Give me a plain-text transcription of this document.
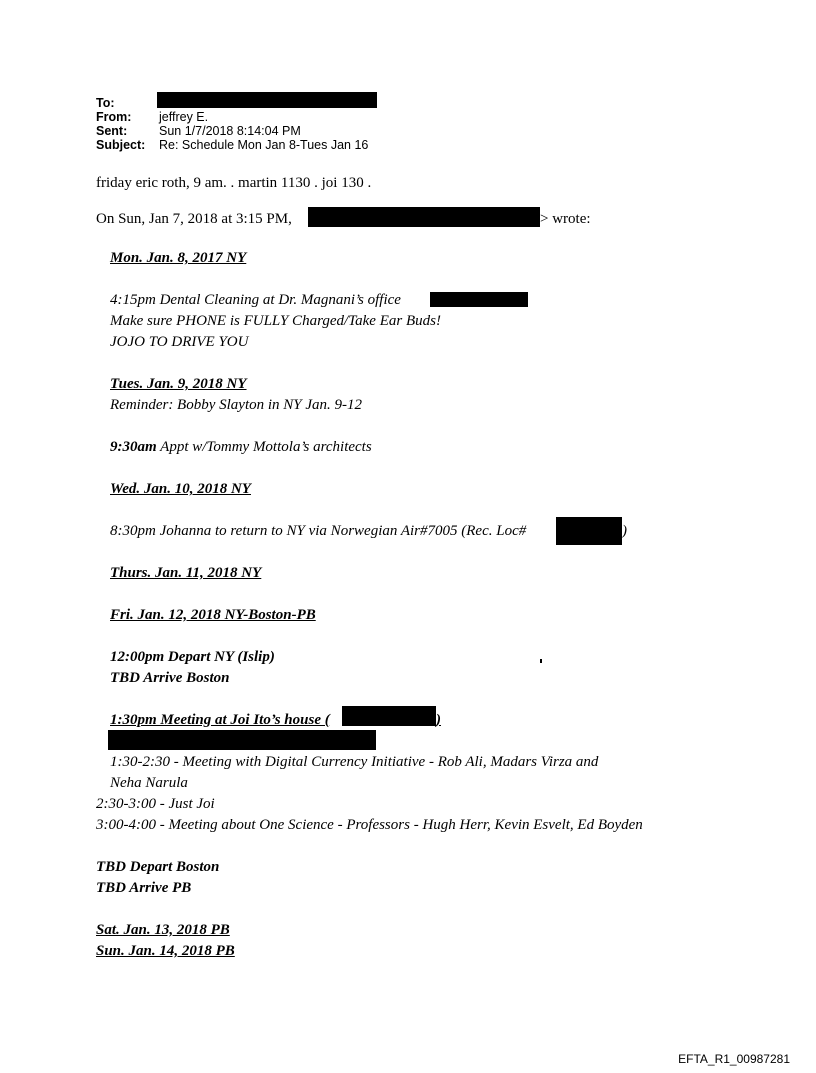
To:
From:	jeffrey E.
Sent:	Sun 1/7/2018 8:14:04 PM
Subject:	Re: Schedule Mon Jan 8-Tues Jan 16
friday eric roth, 9 am. . martin 1130 . joi 130 .
On Sun, Jan 7, 2018 at 3:15 PM,	> wrote:
Mon. Jan. 8, 2017 NY
4:15pm Dental Cleaning at Dr. Magnani’s office
Make sure PHONE is FULLY Charged/Take Ear Buds!
JOJO TO DRIVE YOU
Tues. Jan. 9, 2018 NY
Reminder: Bobby Slayton in NY Jan. 9-12
9:30am Appt w/Tommy Mottola’s architects
Wed. Jan. 10, 2018 NY
8:30pm Johanna to return to NY via Norwegian Air#7005 (Rec. Loc#	)
Thurs. Jan. 11, 2018 NY
Fri. Jan. 12, 2018 NY-Boston-PB
12:00pm Depart NY (Islip)
TBD Arrive Boston
1:30pm Meeting at Joi Ito’s house (	)
1:30-2:30 - Meeting with Digital Currency Initiative - Rob Ali, Madars Virza and
Neha Narula
2:30-3:00 - Just Joi
3:00-4:00 - Meeting about One Science - Professors - Hugh Herr, Kevin Esvelt, Ed Boyden
TBD Depart Boston
TBD Arrive PB
Sat. Jan. 13, 2018 PB
Sun. Jan. 14, 2018 PB
EFTA_R1_00987281
